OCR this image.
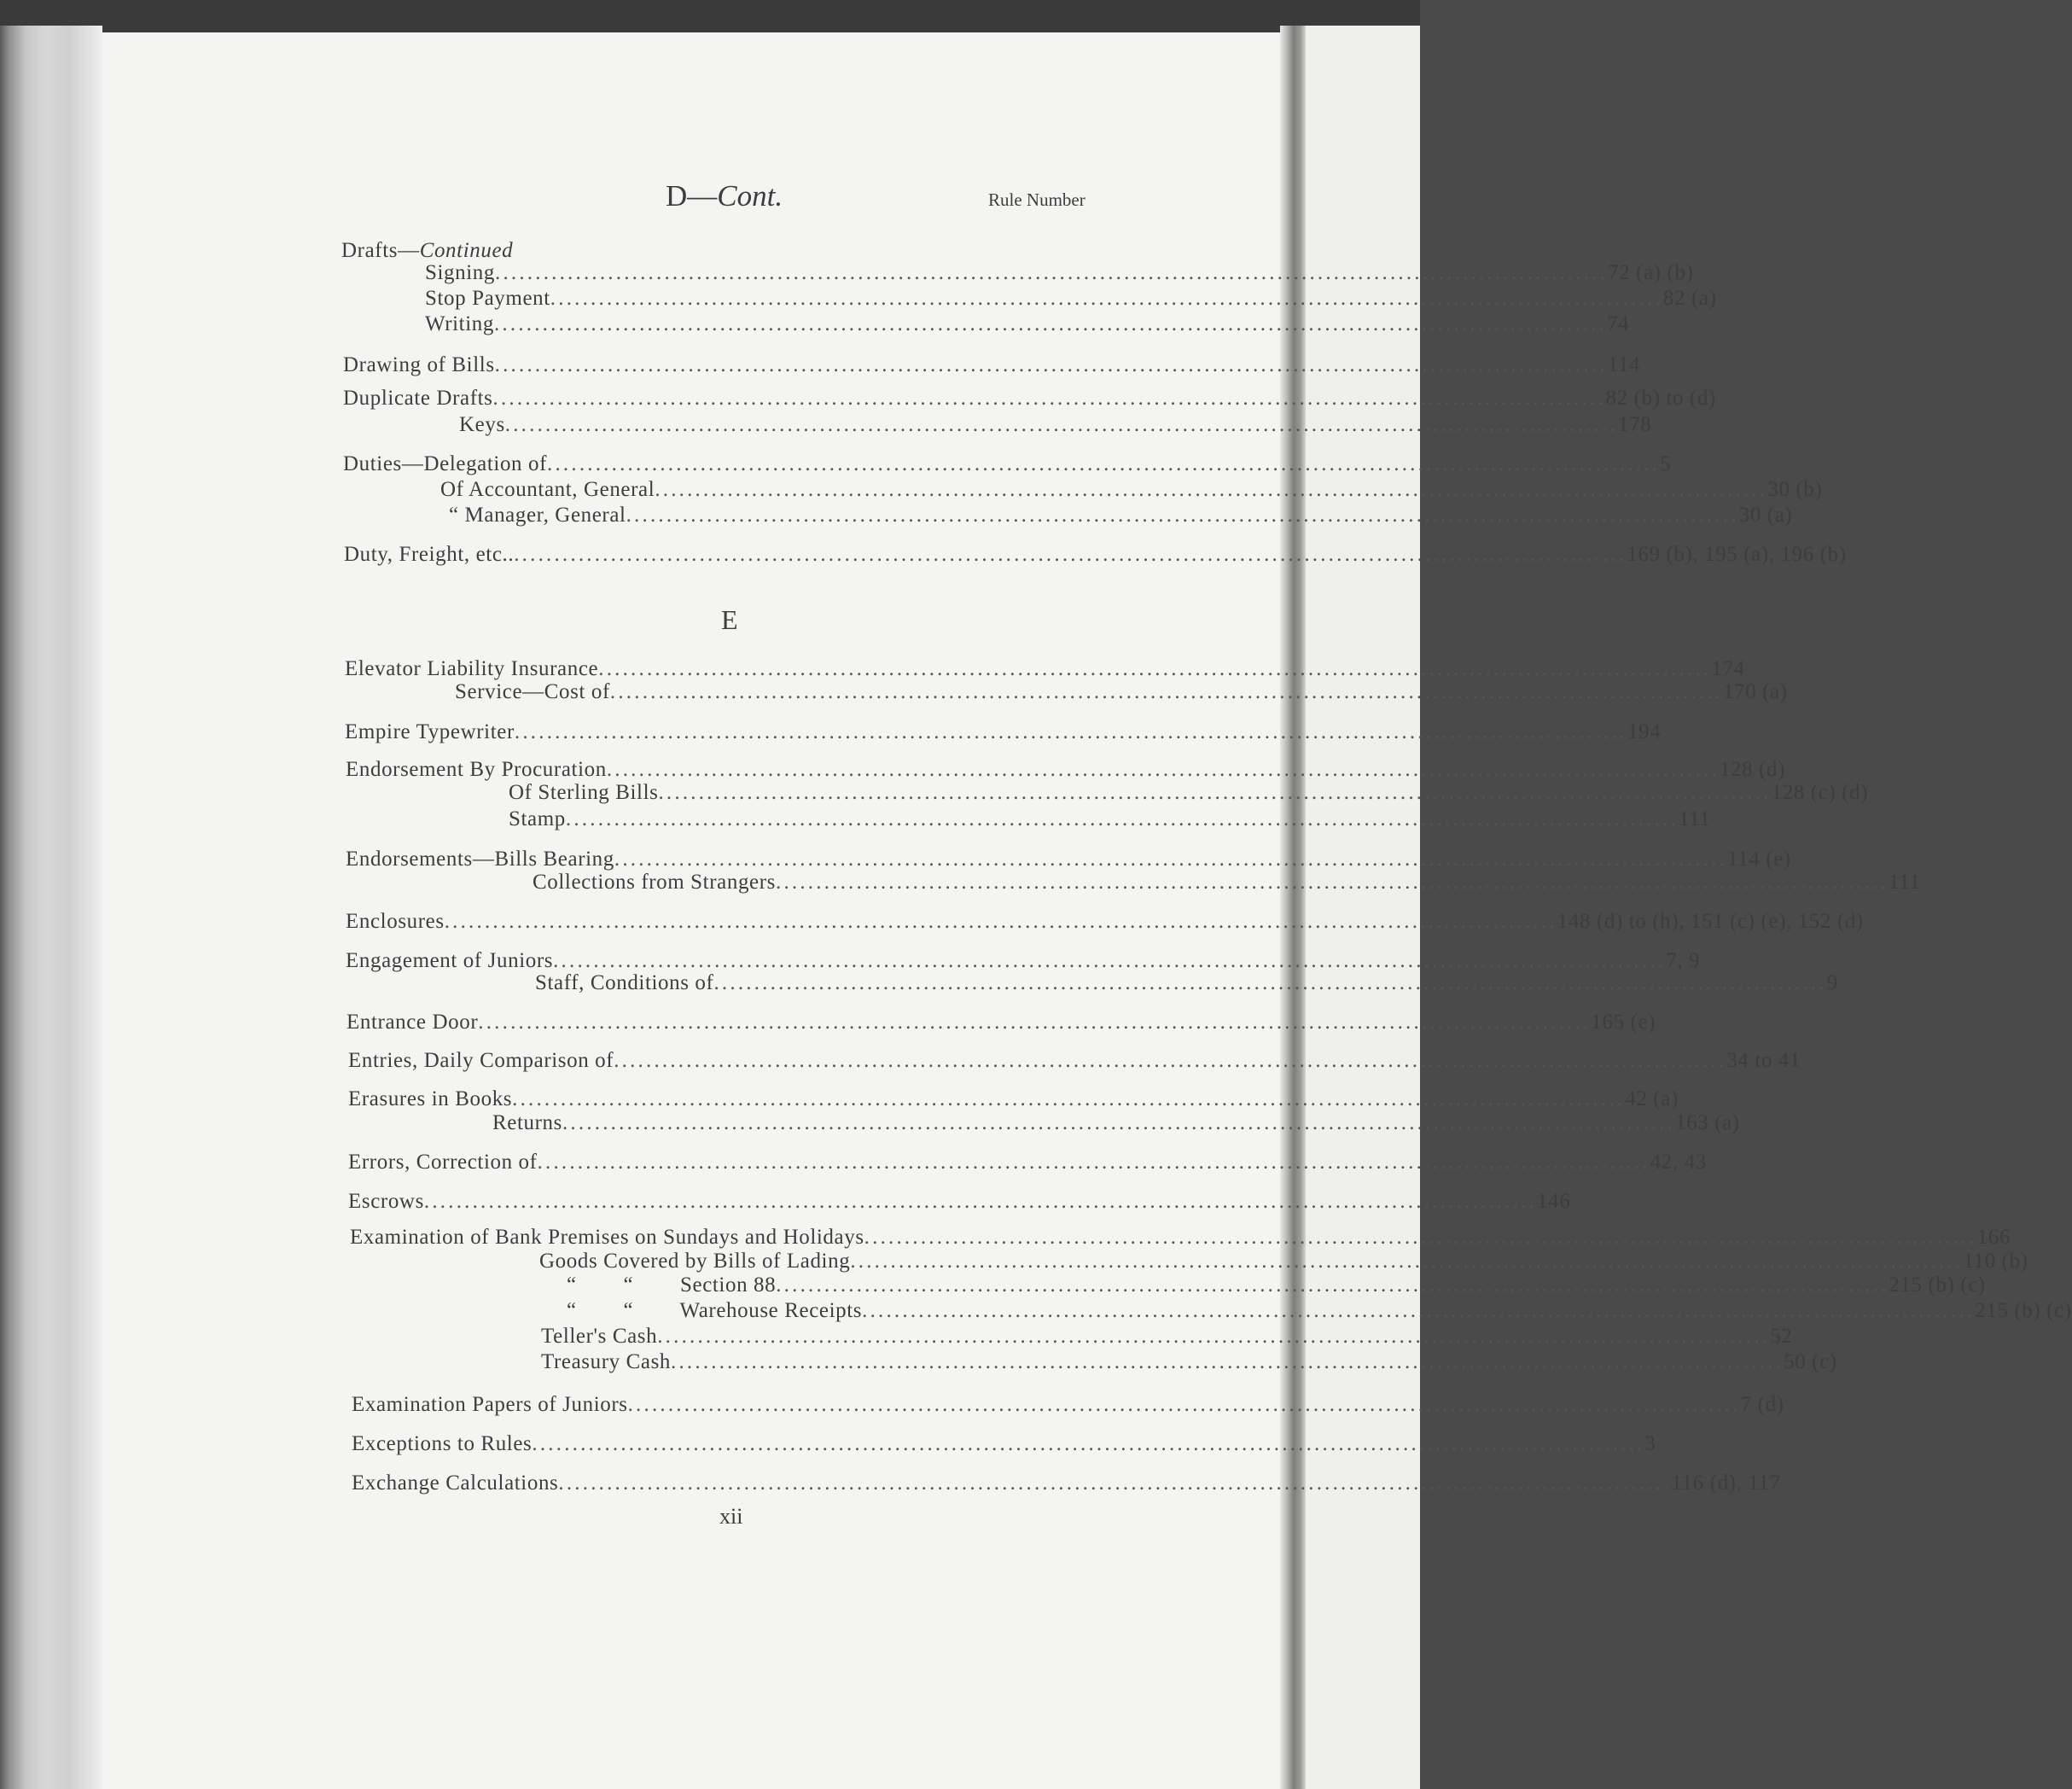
D—Cont.	Rule Number
Drafts—Continued
Signing .......................................................................................................................................... 72 (a) (b)
Stop Payment .......................................................................................................................................... 82 (a)
Writing .......................................................................................................................................... 74
Drawing of Bills .......................................................................................................................................... 114
Duplicate Drafts .......................................................................................................................................... 82 (b) to (d)
Keys .......................................................................................................................................... 178
Duties—Delegation of .......................................................................................................................................... 5
Of Accountant, General .......................................................................................................................................... 30 (b)
“ Manager, General .......................................................................................................................................... 30 (a)
Duty, Freight, etc.. .......................................................................................................................................... 169 (b), 195 (a), 196 (b)
E
Elevator Liability Insurance .......................................................................................................................................... 174
Service—Cost of .......................................................................................................................................... 170 (a)
Empire Typewriter .......................................................................................................................................... 194
Endorsement By Procuration .......................................................................................................................................... 128 (d)
Of Sterling Bills .......................................................................................................................................... 128 (c) (d)
Stamp .......................................................................................................................................... 111
Endorsements—Bills Bearing .......................................................................................................................................... 114 (e)
Collections from Strangers .......................................................................................................................................... 111
Enclosures .......................................................................................................................................... 148 (d) to (h), 151 (c) (e), 152 (d)
Engagement of Juniors .......................................................................................................................................... 7, 9
Staff, Conditions of .......................................................................................................................................... 9
Entrance Door .......................................................................................................................................... 165 (e)
Entries, Daily Comparison of .......................................................................................................................................... 34 to 41
Erasures in Books .......................................................................................................................................... 42 (a)
Returns .......................................................................................................................................... 163 (a)
Errors, Correction of .......................................................................................................................................... 42, 43
Escrows .......................................................................................................................................... 146
Examination of Bank Premises on Sundays and Holidays .......................................................................................................................................... 166
Goods Covered by Bills of Lading .......................................................................................................................................... 110 (b)
“        “        Section 88 .......................................................................................................................................... 215 (b) (c)
“        “        Warehouse Receipts .......................................................................................................................................... 215 (b) (c)
Teller's Cash .......................................................................................................................................... 52
Treasury Cash .......................................................................................................................................... 50 (c)
Examination Papers of Juniors .......................................................................................................................................... 7 (d)
Exceptions to Rules .......................................................................................................................................... 3
Exchange Calculations .......................................................................................................................................... 116 (d), 117
xii
